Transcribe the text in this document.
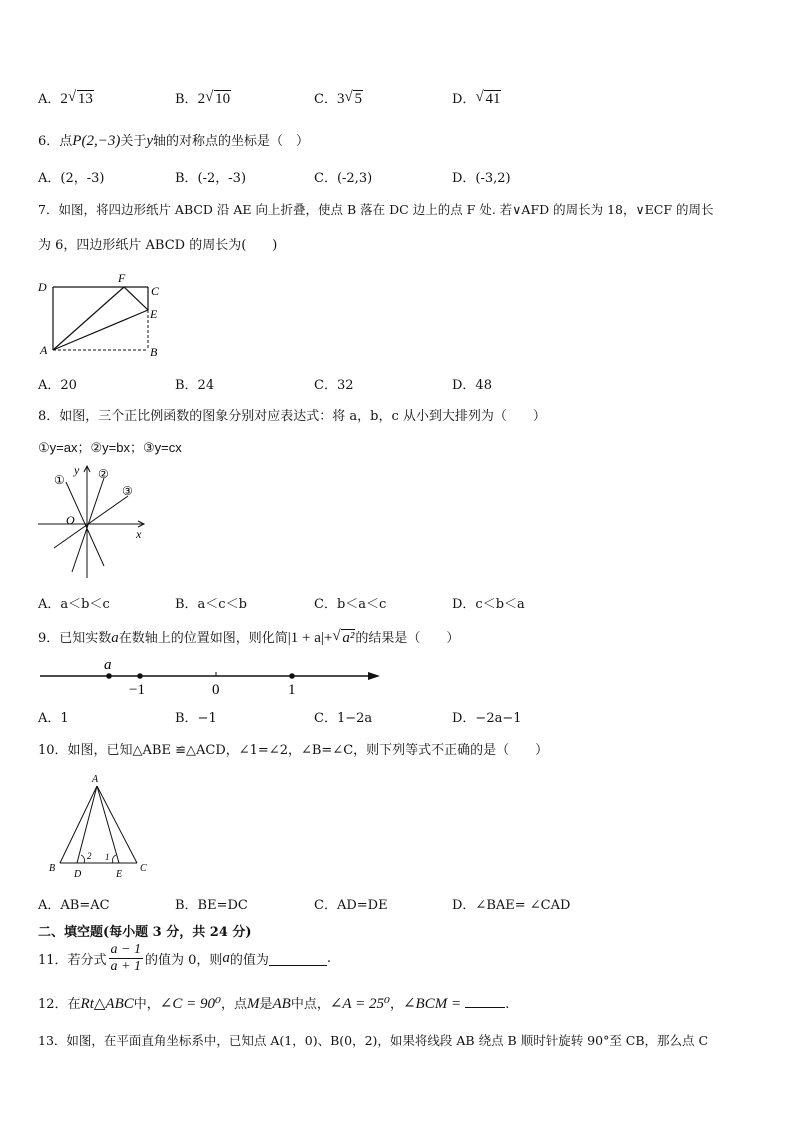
A．2 √ 13	B．2 √ 10	C．3 √ 5	D． √ 41
6．点P(2,−3)关于y轴的对称点的坐标是（　）
A．(2，-3)	B．(-2，-3)	C．(-2,3)	D．(-3,2)
7．如图，将四边形纸片 ABCD 沿 AE 向上折叠，使点 B 落在 DC 边上的点 F 处. 若∨AFD 的周长为 18，∨ECF 的周长
为 6，四边形纸片 ABCD 的周长为(　　)
D
F
C
E
A	B
A．20	B．24	C．32	D．48
8．如图，三个正比例函数的图象分别对应表达式：将 a，b，c 从小到大排列为（　　）
①y=ax；②y=bx；③y=cx
y
x
O
①	②
③
A．a＜b＜c	B．a＜c＜b	C．b＜a＜c	D．c＜b＜a
9．已知实数a在数轴上的位置如图，则化简|1 + a|+ √ a²的结果是（　　）
a
−1	0	1
A．1	B．−1	C．1−2a	D．−2a−1
10．如图，已知△ABE ≌△ACD，∠1=∠2，∠B=∠C，则下列等式不正确的是（　　）
A
B	C
D	E
2 1
A．AB=AC	B．BE=DC	C．AD=DE	D．∠BAE= ∠CAD
二、填空题(每小题 3 分，共 24 分)
11．若分式 $\frac{a - 1}{a + 1}$ 的值为 0，则 a 的值为	.
12．在Rt△ABC中，∠C = 90⁰，点M是AB中点，∠A = 25⁰，∠BCM =	.
13．如图，在平面直角坐标系中，已知点 A(1，0)、B(0，2)，如果将线段 AB 绕点 B 顺时针旋转 90°至 CB，那么点 C
